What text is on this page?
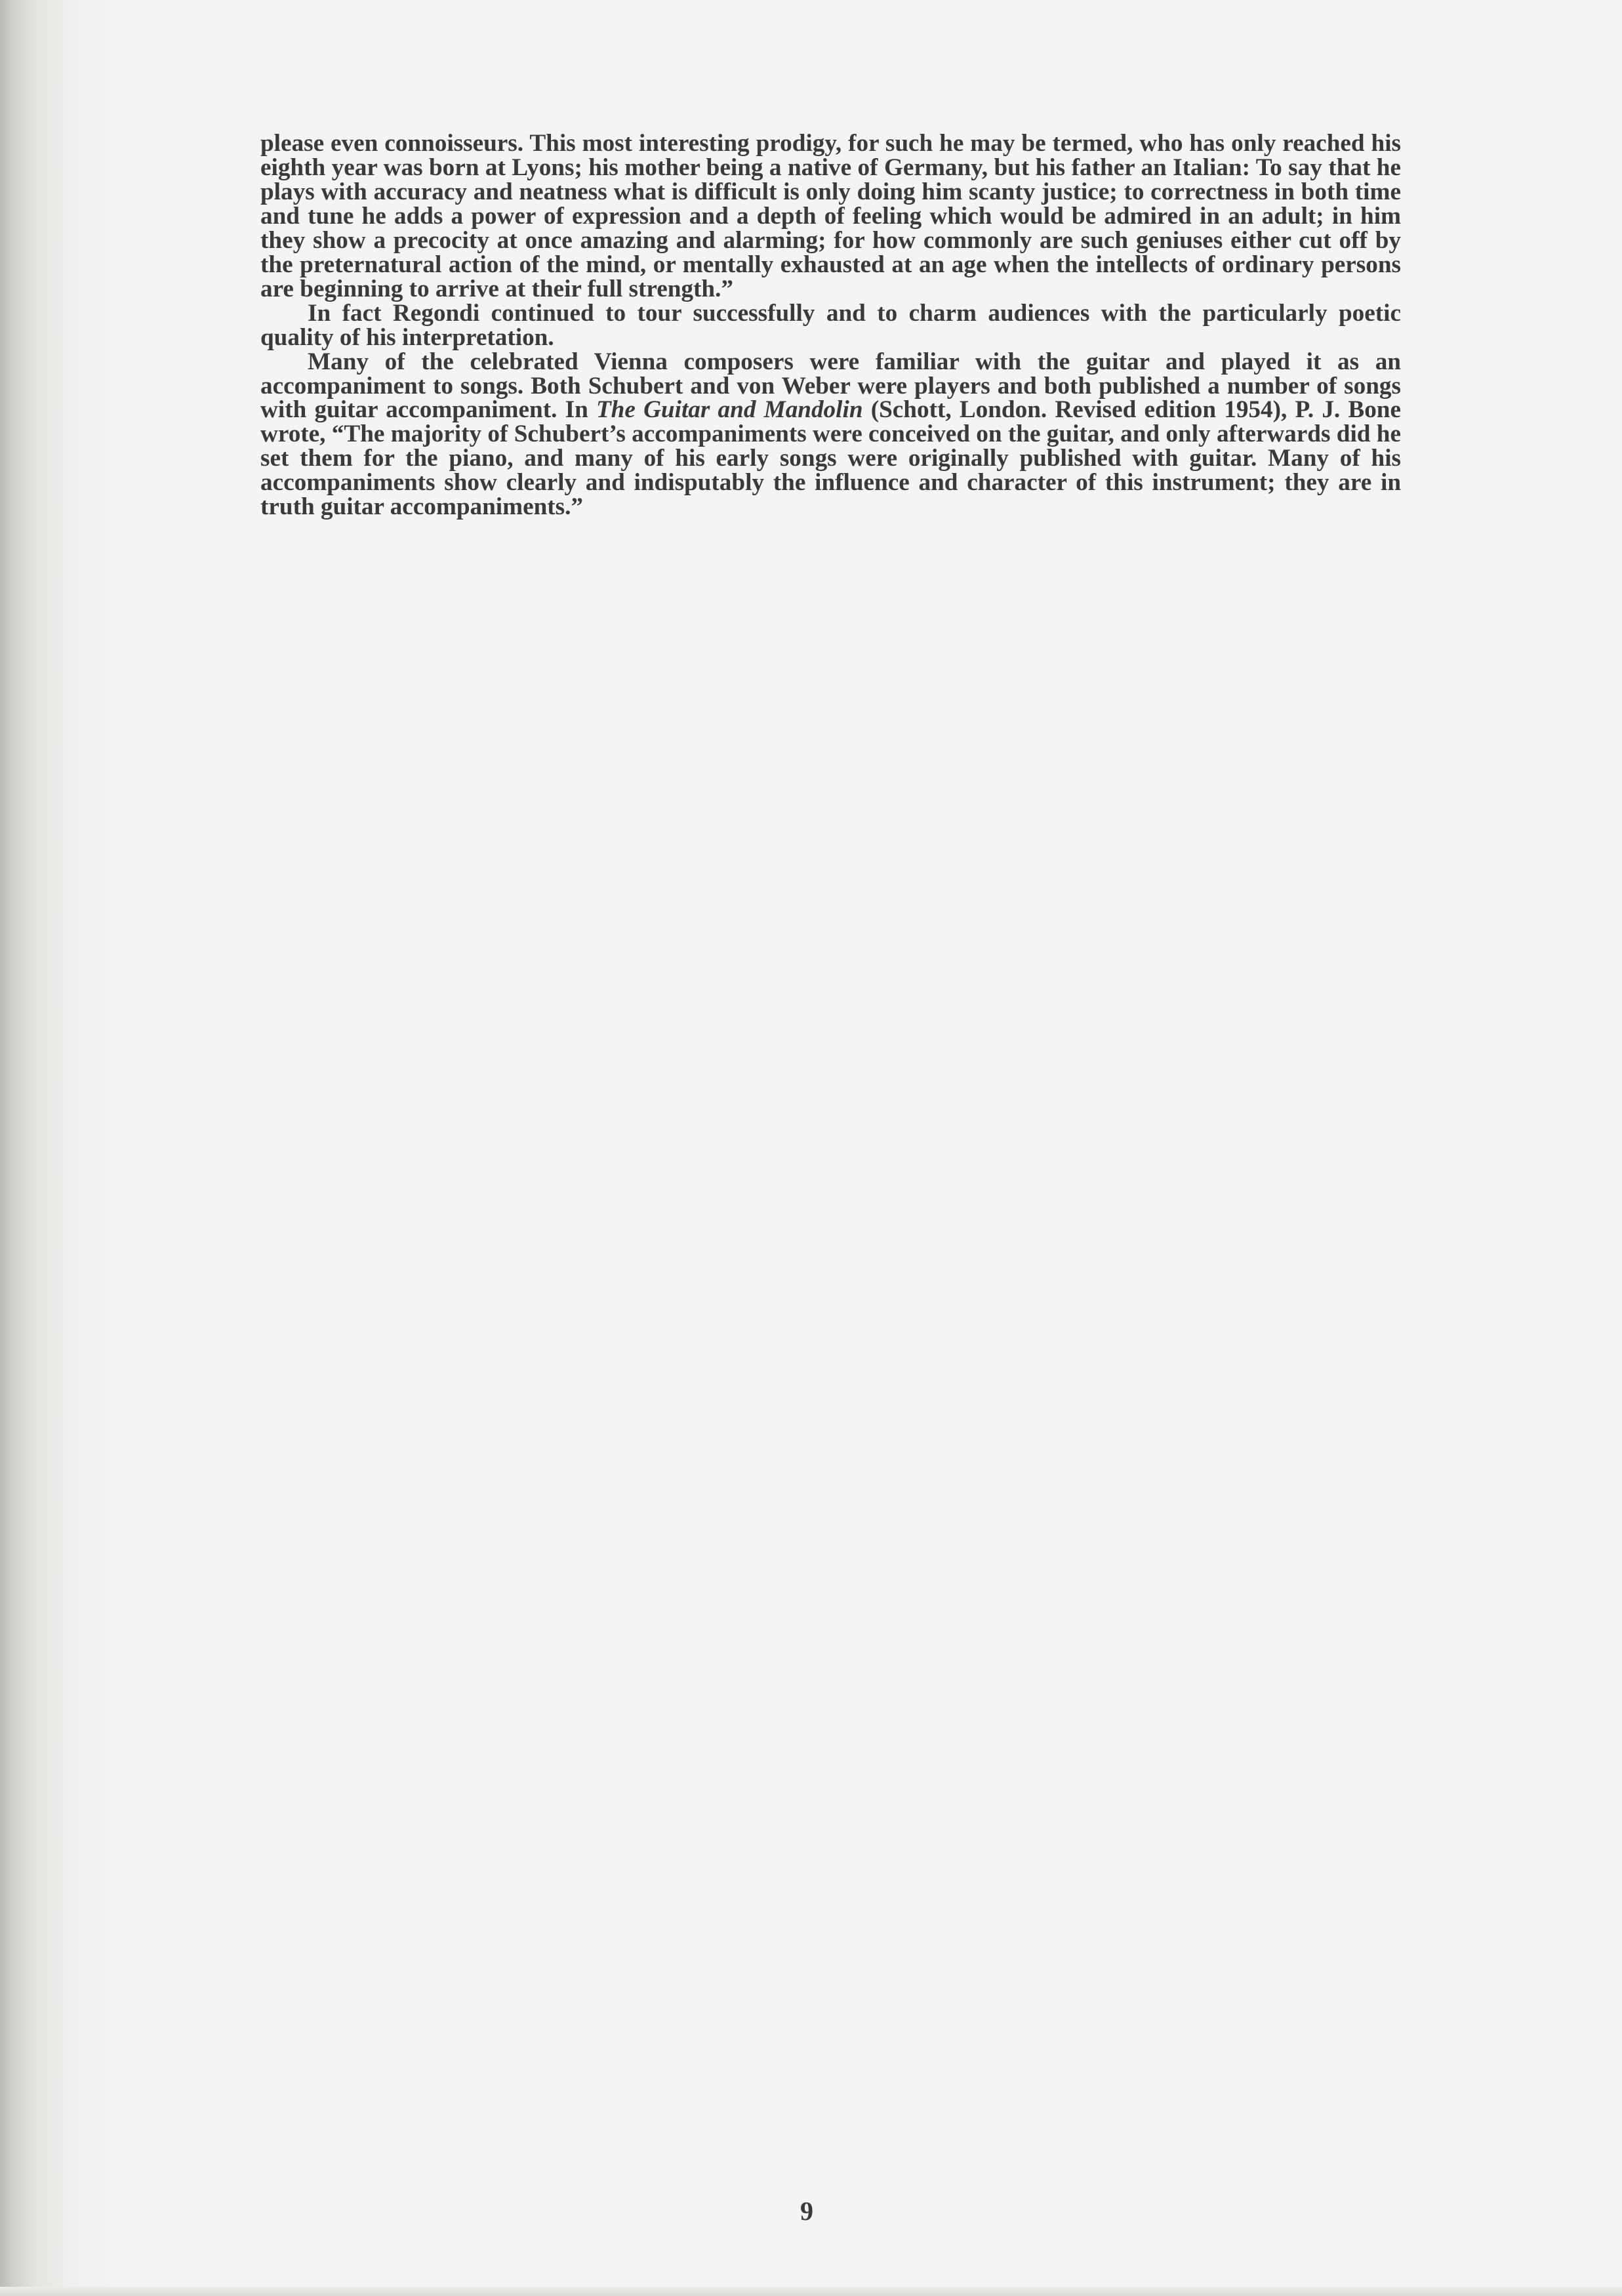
please even connoisseurs. This most interesting prodigy, for such he may be termed, who has only reached his eighth year was born at Lyons; his mother being a native of Germany, but his father an Italian: To say that he plays with accuracy and neatness what is difficult is only doing him scanty justice; to correctness in both time and tune he adds a power of expression and a depth of feeling which would be admired in an adult; in him they show a precocity at once amazing and alarming; for how commonly are such geniuses either cut off by the preternatural action of the mind, or mentally exhausted at an age when the intellects of ordinary persons are beginning to arrive at their full strength.”

In fact Regondi continued to tour successfully and to charm audiences with the particularly poetic quality of his interpretation.

Many of the celebrated Vienna composers were familiar with the guitar and played it as an accompaniment to songs. Both Schubert and von Weber were players and both published a number of songs with guitar accompaniment. In The Guitar and Mandolin (Schott, London. Revised edition 1954), P. J. Bone wrote, “The majority of Schubert’s accompaniments were conceived on the guitar, and only afterwards did he set them for the piano, and many of his early songs were originally published with guitar. Many of his accompaniments show clearly and indisputably the influence and character of this instrument; they are in truth guitar accompaniments.”

9
